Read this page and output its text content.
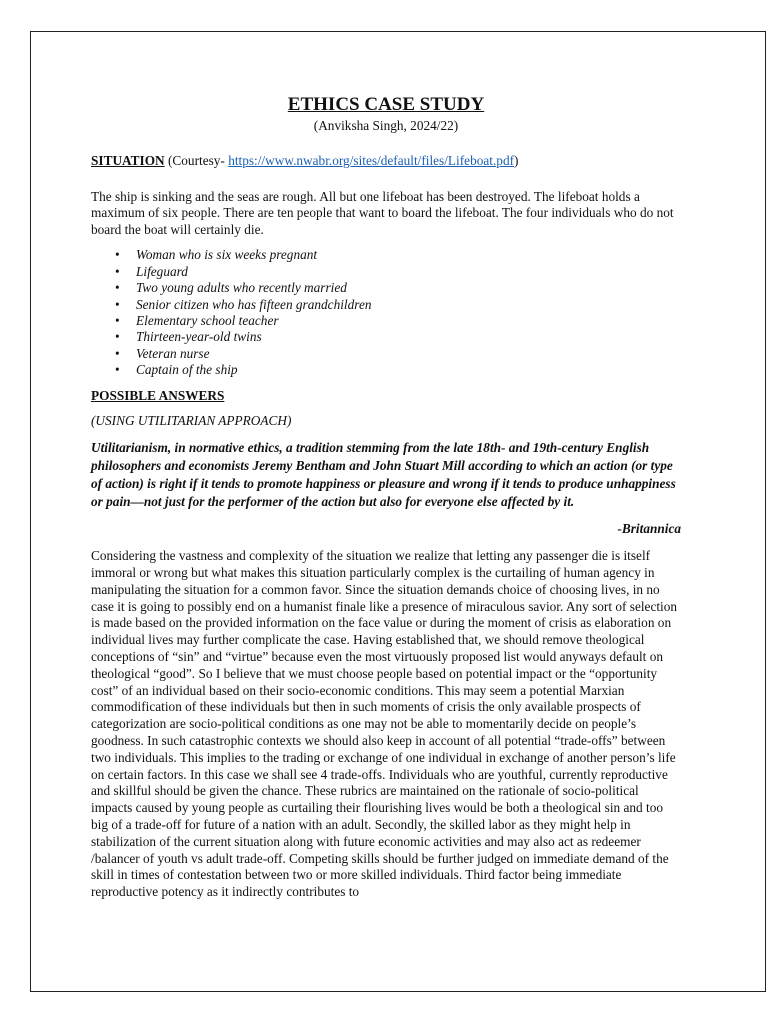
ETHICS CASE STUDY

(Anviksha Singh, 2024/22)

SITUATION (Courtesy- https://www.nwabr.org/sites/default/files/Lifeboat.pdf)

The ship is sinking and the seas are rough. All but one lifeboat has been destroyed. The lifeboat holds a maximum of six people. There are ten people that want to board the lifeboat. The four individuals who do not board the boat will certainly die.

• Woman who is six weeks pregnant
• Lifeguard
• Two young adults who recently married
• Senior citizen who has fifteen grandchildren
• Elementary school teacher
• Thirteen-year-old twins
• Veteran nurse
• Captain of the ship

POSSIBLE ANSWERS

(USING UTILITARIAN APPROACH)

Utilitarianism, in normative ethics, a tradition stemming from the late 18th- and 19th-century English philosophers and economists Jeremy Bentham and John Stuart Mill according to which an action (or type of action) is right if it tends to promote happiness or pleasure and wrong if it tends to produce unhappiness or pain—not just for the performer of the action but also for everyone else affected by it.

-Britannica

Considering the vastness and complexity of the situation we realize that letting any passenger die is itself immoral or wrong but what makes this situation particularly complex is the curtailing of human agency in manipulating the situation for a common favor. Since the situation demands choice of choosing lives, in no case it is going to possibly end on a humanist finale like a presence of miraculous savior. Any sort of selection is made based on the provided information on the face value or during the moment of crisis as elaboration on individual lives may further complicate the case. Having established that, we should remove theological conceptions of “sin” and “virtue” because even the most virtuously proposed list would anyways default on theological “good”. So I believe that we must choose people based on potential impact or the “opportunity cost” of an individual based on their socio-economic conditions. This may seem a potential Marxian commodification of these individuals but then in such moments of crisis the only available prospects of categorization are socio-political conditions as one may not be able to momentarily decide on people’s goodness. In such catastrophic contexts we should also keep in account of all potential “trade-offs” between two individuals. This implies to the trading or exchange of one individual in exchange of another person’s life on certain factors. In this case we shall see 4 trade-offs. Individuals who are youthful, currently reproductive and skillful should be given the chance. These rubrics are maintained on the rationale of socio-political impacts caused by young people as curtailing their flourishing lives would be both a theological sin and too big of a trade-off for future of a nation with an adult. Secondly, the skilled labor as they might help in stabilization of the current situation along with future economic activities and may also act as redeemer /balancer of youth vs adult trade-off. Competing skills should be further judged on immediate demand of the skill in times of contestation between two or more skilled individuals. Third factor being immediate reproductive potency as it indirectly contributes to
